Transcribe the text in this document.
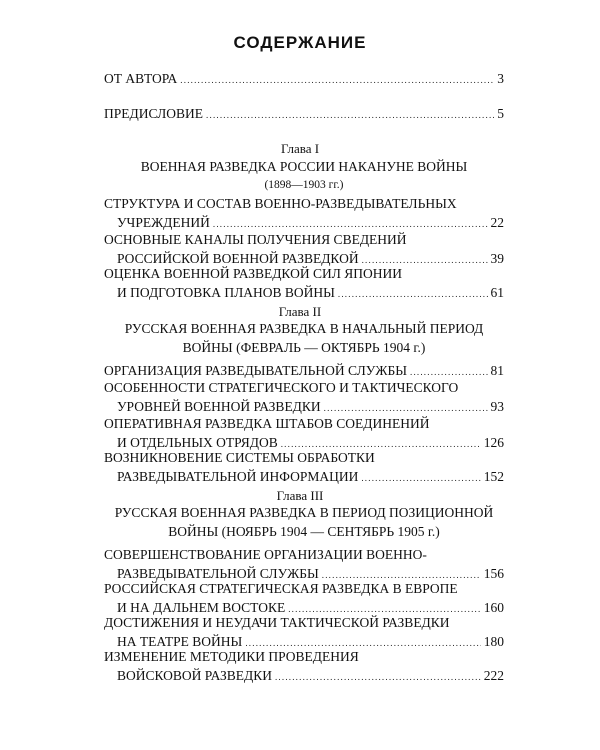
СОДЕРЖАНИЕ
ОТ АВТОРА .....	3
ПРЕДИСЛОВИЕ .....	5
Глава I
ВОЕННАЯ РАЗВЕДКА РОССИИ НАКАНУНЕ ВОЙНЫ
(1898—1903 гг.)
СТРУКТУРА И СОСТАВ ВОЕННО-РАЗВЕДЫВАТЕЛЬНЫХ
УЧРЕЖДЕНИЙ .....	22
ОСНОВНЫЕ КАНАЛЫ ПОЛУЧЕНИЯ СВЕДЕНИЙ
РОССИЙСКОЙ ВОЕННОЙ РАЗВЕДКОЙ .....	39
ОЦЕНКА ВОЕННОЙ РАЗВЕДКОЙ СИЛ ЯПОНИИ
И ПОДГОТОВКА ПЛАНОВ ВОЙНЫ .....	61
Глава II
РУССКАЯ ВОЕННАЯ РАЗВЕДКА В НАЧАЛЬНЫЙ ПЕРИОД
ВОЙНЫ (ФЕВРАЛЬ — ОКТЯБРЬ 1904 г.)
ОРГАНИЗАЦИЯ РАЗВЕДЫВАТЕЛЬНОЙ СЛУЖБЫ .....	81
ОСОБЕННОСТИ СТРАТЕГИЧЕСКОГО И ТАКТИЧЕСКОГО
УРОВНЕЙ ВОЕННОЙ РАЗВЕДКИ .....	93
ОПЕРАТИВНАЯ РАЗВЕДКА ШТАБОВ СОЕДИНЕНИЙ
И ОТДЕЛЬНЫХ ОТРЯДОВ .....	126
ВОЗНИКНОВЕНИЕ СИСТЕМЫ ОБРАБОТКИ
РАЗВЕДЫВАТЕЛЬНОЙ ИНФОРМАЦИИ .....	152
Глава III
РУССКАЯ ВОЕННАЯ РАЗВЕДКА В ПЕРИОД ПОЗИЦИОННОЙ
ВОЙНЫ (НОЯБРЬ 1904 — СЕНТЯБРЬ 1905 г.)
СОВЕРШЕНСТВОВАНИЕ ОРГАНИЗАЦИИ ВОЕННО-
РАЗВЕДЫВАТЕЛЬНОЙ СЛУЖБЫ .....	156
РОССИЙСКАЯ СТРАТЕГИЧЕСКАЯ РАЗВЕДКА В ЕВРОПЕ
И НА ДАЛЬНЕМ ВОСТОКЕ .....	160
ДОСТИЖЕНИЯ И НЕУДАЧИ ТАКТИЧЕСКОЙ РАЗВЕДКИ
НА ТЕАТРЕ ВОЙНЫ .....	180
ИЗМЕНЕНИЕ МЕТОДИКИ ПРОВЕДЕНИЯ
ВОЙСКОВОЙ РАЗВЕДКИ .....	222
